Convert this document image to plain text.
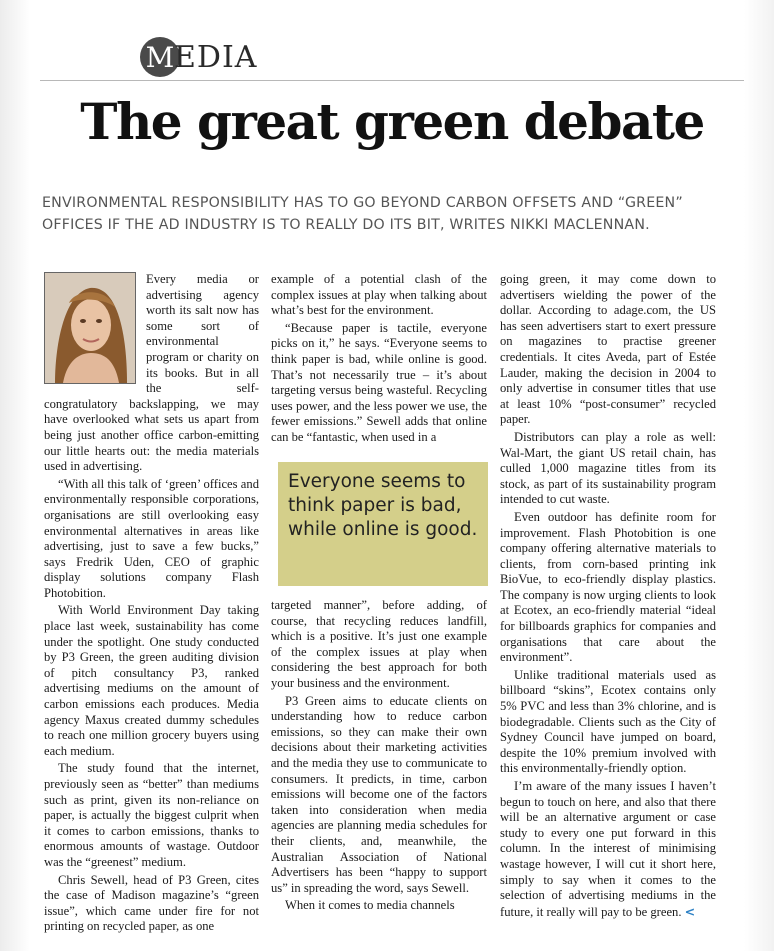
M EDIA
The great green debate

ENVIRONMENTAL RESPONSIBILITY HAS TO GO BEYOND CARBON OFFSETS AND “GREEN” OFFICES IF THE AD INDUSTRY IS TO REALLY DO ITS BIT, WRITES NIKKI MACLENNAN.

Every media or advertising agency worth its salt now has some sort of environmental program or charity on its books. But in all the self-congratulatory backslapping, we may have overlooked what sets us apart from being just another office carbon-emitting our little hearts out: the media materials used in advertising.

“With all this talk of ‘green’ offices and environmentally responsible corporations, organisations are still overlooking easy environmental alternatives in areas like advertising, just to save a few bucks,” says Fredrik Uden, CEO of graphic display solutions company Flash Photobition.

With World Environment Day taking place last week, sustainability has come under the spotlight. One study conducted by P3 Green, the green auditing division of pitch consultancy P3, ranked advertising mediums on the amount of carbon emissions each produces. Media agency Maxus created dummy schedules to reach one million grocery buyers using each medium.

The study found that the internet, previously seen as “better” than mediums such as print, given its non-reliance on paper, is actually the biggest culprit when it comes to carbon emissions, thanks to enormous amounts of wastage. Outdoor was the “greenest” medium.

Chris Sewell, head of P3 Green, cites the case of Madison magazine’s “green issue”, which came under fire for not printing on recycled paper, as one

example of a potential clash of the complex issues at play when talking about what’s best for the environment.

“Because paper is tactile, everyone picks on it,” he says. “Everyone seems to think paper is bad, while online is good. That’s not necessarily true – it’s about targeting versus being wasteful. Recycling uses power, and the less power we use, the fewer emissions.” Sewell adds that online can be “fantastic, when used in a

Everyone seems to think paper is bad, while online is good.

targeted manner”, before adding, of course, that recycling reduces landfill, which is a positive. It’s just one example of the complex issues at play when considering the best approach for both your business and the environment.

P3 Green aims to educate clients on understanding how to reduce carbon emissions, so they can make their own decisions about their marketing activities and the media they use to communicate to consumers. It predicts, in time, carbon emissions will become one of the factors taken into consideration when media agencies are planning media schedules for their clients, and, meanwhile, the Australian Association of National Advertisers has been “happy to support us” in spreading the word, says Sewell.

When it comes to media channels

going green, it may come down to advertisers wielding the power of the dollar. According to adage.com, the US has seen advertisers start to exert pressure on magazines to practise greener credentials. It cites Aveda, part of Estée Lauder, making the decision in 2004 to only advertise in consumer titles that use at least 10% “post-consumer” recycled paper.

Distributors can play a role as well: Wal-Mart, the giant US retail chain, has culled 1,000 magazine titles from its stock, as part of its sustainability program intended to cut waste.

Even outdoor has definite room for improvement. Flash Photobition is one company offering alternative materials to clients, from corn-based printing ink BioVue, to eco-friendly display plastics. The company is now urging clients to look at Ecotex, an eco-friendly material “ideal for billboards graphics for companies and organisations that care about the environment”.

Unlike traditional materials used as billboard “skins”, Ecotex contains only 5% PVC and less than 3% chlorine, and is biodegradable. Clients such as the City of Sydney Council have jumped on board, despite the 10% premium involved with this environmentally-friendly option.

I’m aware of the many issues I haven’t begun to touch on here, and also that there will be an alternative argument or case study to every one put forward in this column. In the interest of minimising wastage however, I will cut it short here, simply to say when it comes to the selection of advertising mediums in the future, it really will pay to be green. <
